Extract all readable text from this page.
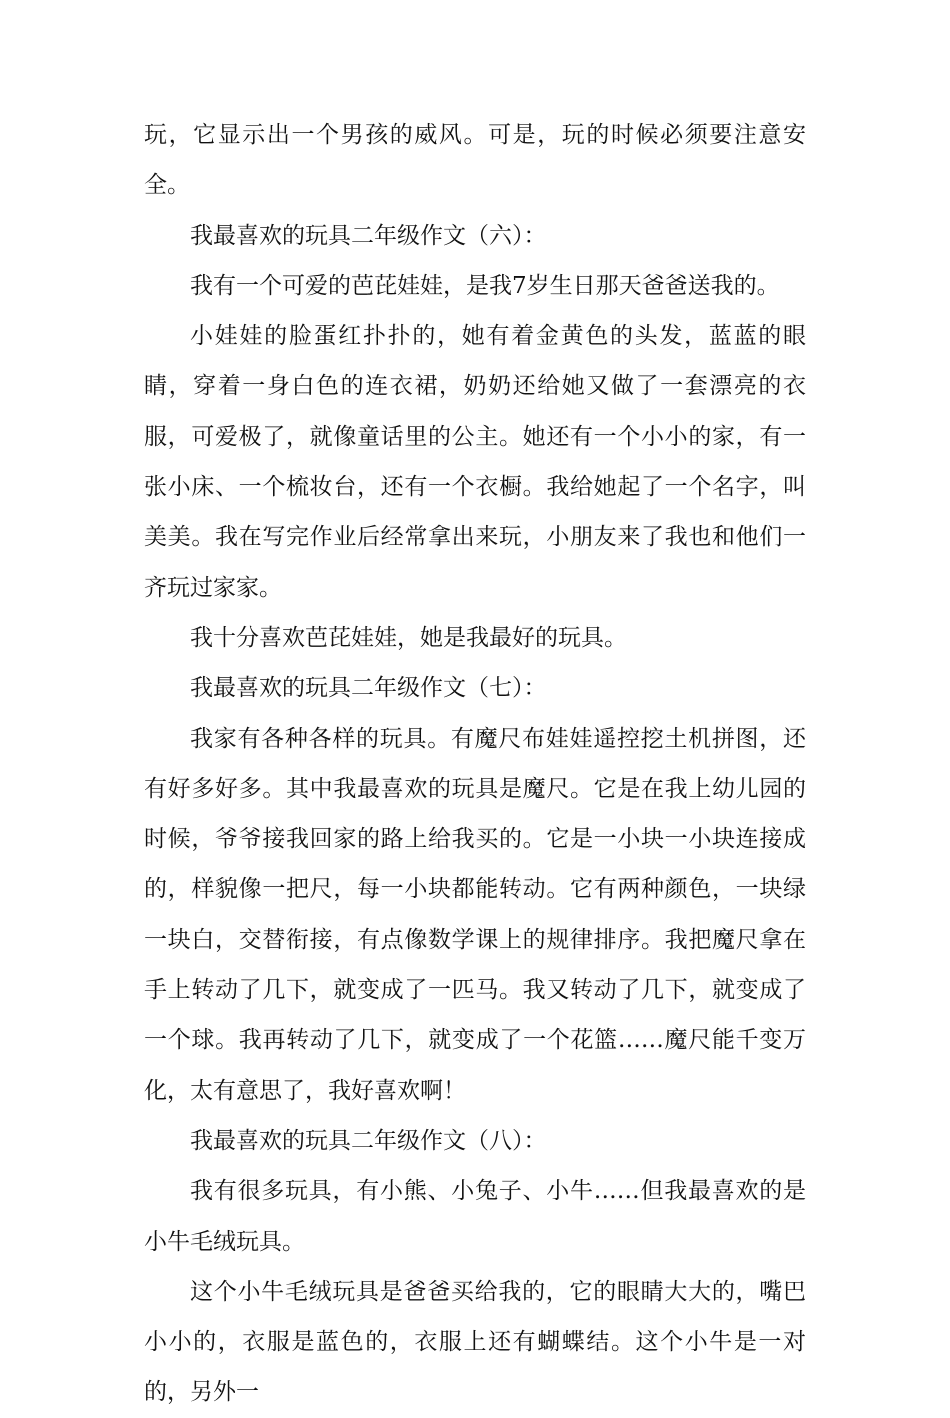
玩，它显示出一个男孩的威风。可是，玩的时候必须要注意安全。

我最喜欢的玩具二年级作文（六）：

我有一个可爱的芭芘娃娃，是我7岁生日那天爸爸送我的。

小娃娃的脸蛋红扑扑的，她有着金黄色的头发，蓝蓝的眼睛，穿着一身白色的连衣裙，奶奶还给她又做了一套漂亮的衣服，可爱极了，就像童话里的公主。她还有一个小小的家，有一张小床、一个梳妆台，还有一个衣橱。我给她起了一个名字，叫美美。我在写完作业后经常拿出来玩，小朋友来了我也和他们一齐玩过家家。

我十分喜欢芭芘娃娃，她是我最好的玩具。

我最喜欢的玩具二年级作文（七）：

我家有各种各样的玩具。有魔尺布娃娃遥控挖土机拼图，还有好多好多。其中我最喜欢的玩具是魔尺。它是在我上幼儿园的时候，爷爷接我回家的路上给我买的。它是一小块一小块连接成的，样貌像一把尺，每一小块都能转动。它有两种颜色，一块绿一块白，交替衔接，有点像数学课上的规律排序。我把魔尺拿在手上转动了几下，就变成了一匹马。我又转动了几下，就变成了一个球。我再转动了几下，就变成了一个花篮……魔尺能千变万化，太有意思了，我好喜欢啊！

我最喜欢的玩具二年级作文（八）：

我有很多玩具，有小熊、小兔子、小牛……但我最喜欢的是小牛毛绒玩具。

这个小牛毛绒玩具是爸爸买给我的，它的眼睛大大的，嘴巴小小的，衣服是蓝色的，衣服上还有蝴蝶结。这个小牛是一对的，另外一
